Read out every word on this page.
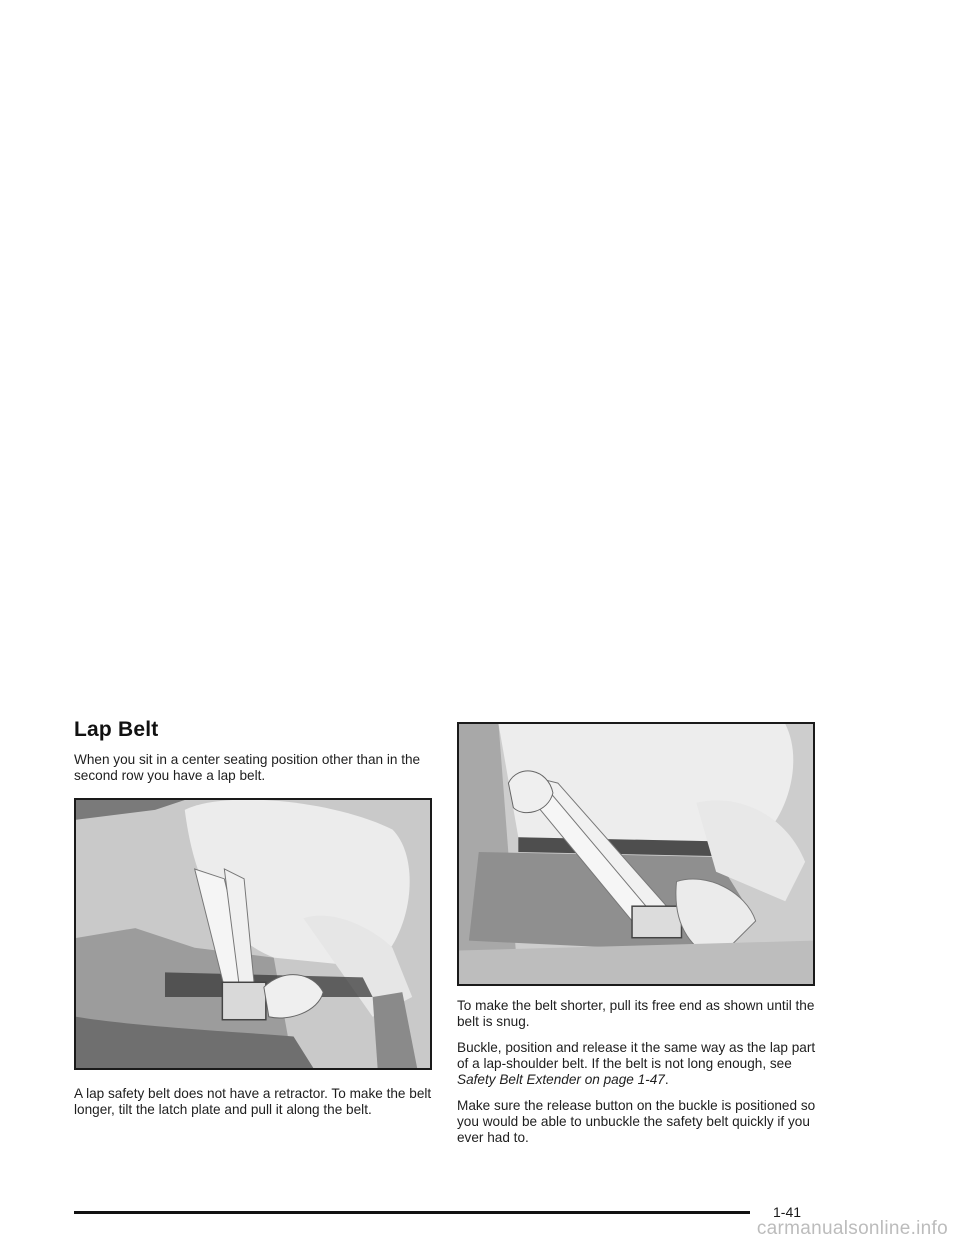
Lap Belt

When you sit in a center seating position other than in the second row you have a lap belt.

A lap safety belt does not have a retractor. To make the belt longer, tilt the latch plate and pull it along the belt.

To make the belt shorter, pull its free end as shown until the belt is snug.

Buckle, position and release it the same way as the lap part of a lap-shoulder belt. If the belt is not long enough, see Safety Belt Extender on page 1-47.

Make sure the release button on the buckle is positioned so you would be able to unbuckle the safety belt quickly if you ever had to.

1-41
carmanualsonline.info
